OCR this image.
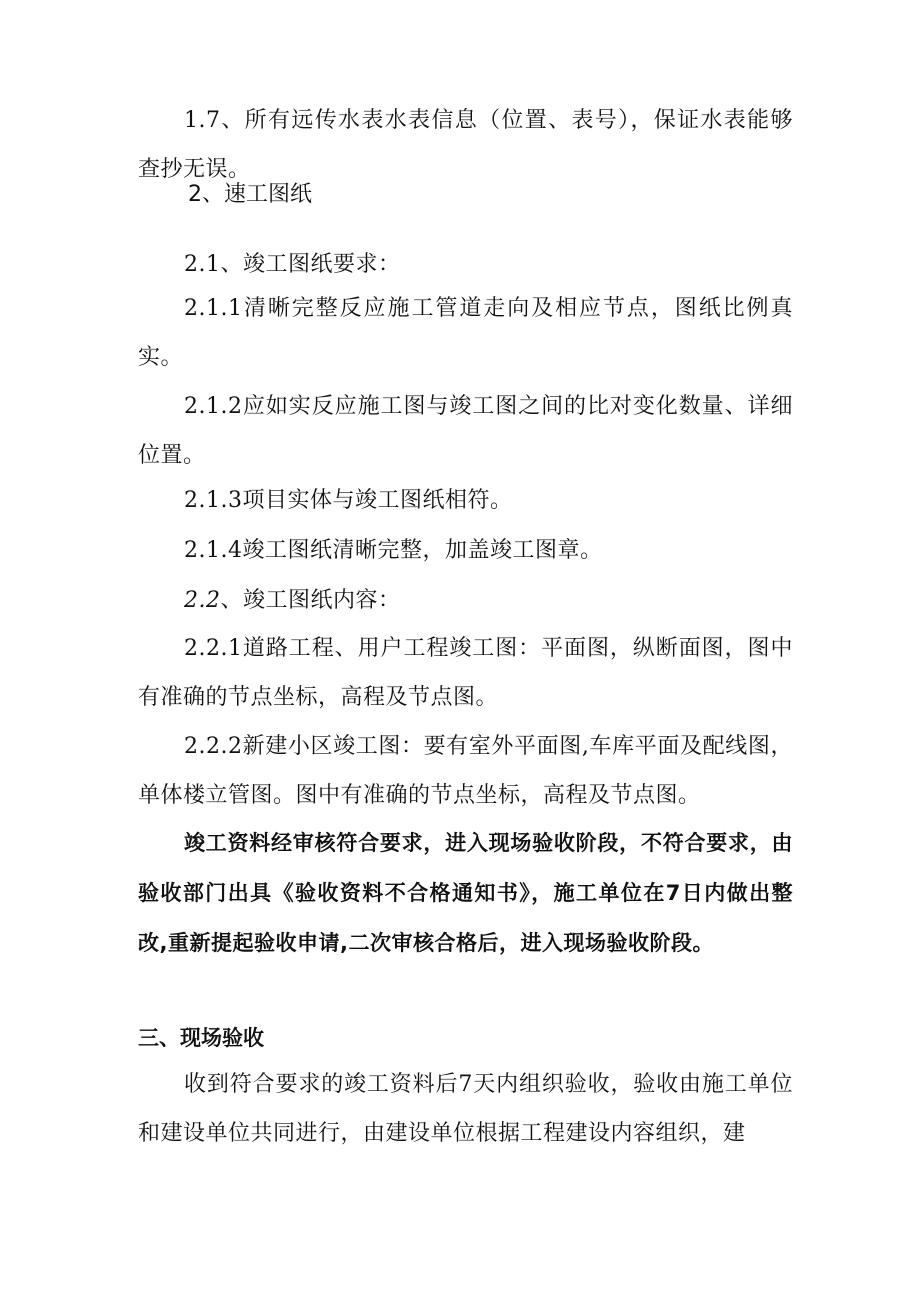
1.7、所有远传水表水表信息（位置、表号），保证水表能够查抄无误。

2、速工图纸

2.1、竣工图纸要求：

2.1.1清晰完整反应施工管道走向及相应节点，图纸比例真实。

2.1.2应如实反应施工图与竣工图之间的比对变化数量、详细位置。

2.1.3项目实体与竣工图纸相符。

2.1.4竣工图纸清晰完整，加盖竣工图章。

2.2、竣工图纸内容：

2.2.1道路工程、用户工程竣工图：平面图，纵断面图，图中有准确的节点坐标，高程及节点图。

2.2.2新建小区竣工图：要有室外平面图,车库平面及配线图，单体楼立管图。图中有准确的节点坐标，高程及节点图。

竣工资料经审核符合要求，进入现场验收阶段，不符合要求，由验收部门出具《验收资料不合格通知书》，施工单位在7日内做出整改,重新提起验收申请,二次审核合格后，进入现场验收阶段。

三、现场验收

收到符合要求的竣工资料后7天内组织验收，验收由施工单位和建设单位共同进行，由建设单位根据工程建设内容组织，建
